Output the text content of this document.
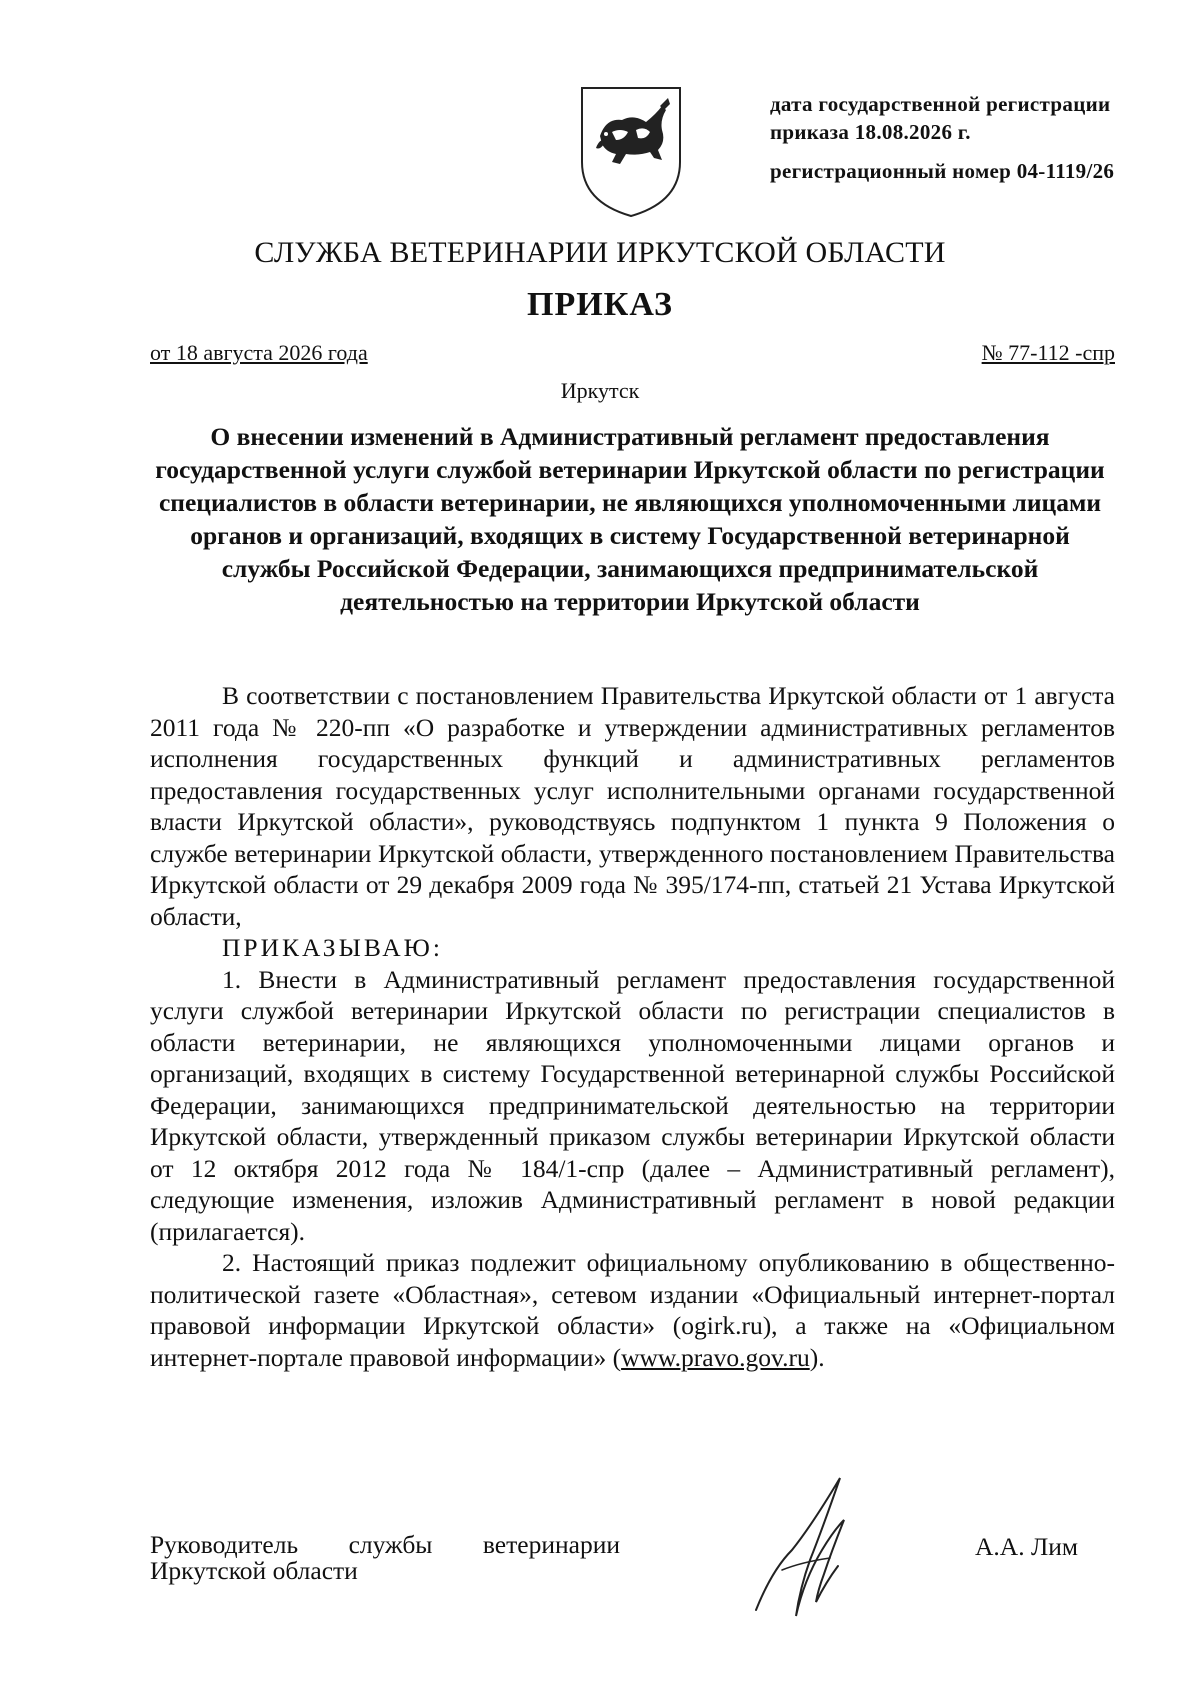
дата государственной регистрации
приказа 18.08.2026 г.
регистрационный номер 04-1119/26
СЛУЖБА ВЕТЕРИНАРИИ ИРКУТСКОЙ ОБЛАСТИ
ПРИКАЗ
от 18 августа 2026 года	№ 77-112 -спр
Иркутск
О внесении изменений в Административный регламент предоставления государственной услуги службой ветеринарии Иркутской области по регистрации специалистов в области ветеринарии, не являющихся уполномоченными лицами органов и организаций, входящих в систему Государственной ветеринарной службы Российской Федерации, занимающихся предпринимательской деятельностью на территории Иркутской области

В соответствии с постановлением Правительства Иркутской области от 1 августа 2011 года № 220-пп «О разработке и утверждении административных регламентов исполнения государственных функций и административных регламентов предоставления государственных услуг исполнительными органами государственной власти Иркутской области», руководствуясь подпунктом 1 пункта 9 Положения о службе ветеринарии Иркутской области, утвержденного постановлением Правительства Иркутской области от 29 декабря 2009 года № 395/174-пп, статьей 21 Устава Иркутской области,

ПРИКАЗЫВАЮ:

1. Внести в Административный регламент предоставления государственной услуги службой ветеринарии Иркутской области по регистрации специалистов в области ветеринарии, не являющихся уполномоченными лицами органов и организаций, входящих в систему Государственной ветеринарной службы Российской Федерации, занимающихся предпринимательской деятельностью на территории Иркутской области, утвержденный приказом службы ветеринарии Иркутской области от 12 октября 2012 года № 184/1-спр (далее – Административный регламент), следующие изменения, изложив Административный регламент в новой редакции (прилагается).

2. Настоящий приказ подлежит официальному опубликованию в общественно-политической газете «Областная», сетевом издании «Официальный интернет-портал правовой информации Иркутской области» (ogirk.ru), а также на «Официальном интернет-портале правовой информации» (www.pravo.gov.ru).

Руководитель службы ветеринарии
Иркутской области
А.А. Лим
